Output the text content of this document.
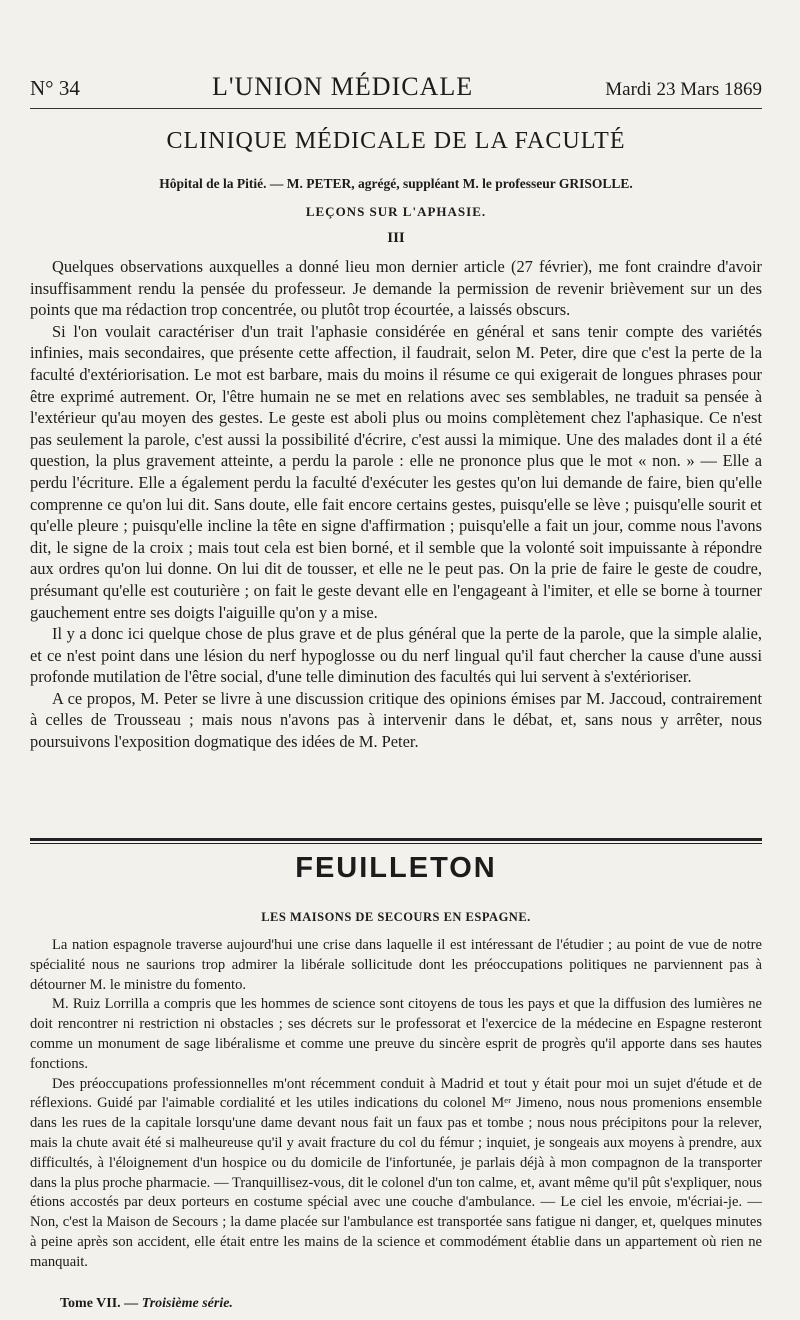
N° 34	L'UNION MÉDICALE	Mardi 23 Mars 1869
CLINIQUE MÉDICALE DE LA FACULTÉ
Hôpital de la Pitié. — M. PETER, agrégé, suppléant M. le professeur GRISOLLE.
LEÇONS SUR L'APHASIE.
III

Quelques observations auxquelles a donné lieu mon dernier article (27 février), me font craindre d'avoir insuffisamment rendu la pensée du professeur. Je demande la permission de revenir brièvement sur un des points que ma rédaction trop concentrée, ou plutôt trop écourtée, a laissés obscurs.

Si l'on voulait caractériser d'un trait l'aphasie considérée en général et sans tenir compte des variétés infinies, mais secondaires, que présente cette affection, il faudrait, selon M. Peter, dire que c'est la perte de la faculté d'extériorisation. Le mot est barbare, mais du moins il résume ce qui exigerait de longues phrases pour être exprimé autrement. Or, l'être humain ne se met en relations avec ses semblables, ne traduit sa pensée à l'extérieur qu'au moyen des gestes. Le geste est aboli plus ou moins complètement chez l'aphasique. Ce n'est pas seulement la parole, c'est aussi la possibilité d'écrire, c'est aussi la mimique. Une des malades dont il a été question, la plus gravement atteinte, a perdu la parole : elle ne prononce plus que le mot « non. » — Elle a perdu l'écriture. Elle a également perdu la faculté d'exécuter les gestes qu'on lui demande de faire, bien qu'elle comprenne ce qu'on lui dit. Sans doute, elle fait encore certains gestes, puisqu'elle se lève ; puisqu'elle sourit et qu'elle pleure ; puisqu'elle incline la tête en signe d'affirmation ; puisqu'elle a fait un jour, comme nous l'avons dit, le signe de la croix ; mais tout cela est bien borné, et il semble que la volonté soit impuissante à répondre aux ordres qu'on lui donne. On lui dit de tousser, et elle ne le peut pas. On la prie de faire le geste de coudre, présumant qu'elle est couturière ; on fait le geste devant elle en l'engageant à l'imiter, et elle se borne à tourner gauchement entre ses doigts l'aiguille qu'on y a mise.

Il y a donc ici quelque chose de plus grave et de plus général que la perte de la parole, que la simple alalie, et ce n'est point dans une lésion du nerf hypoglosse ou du nerf lingual qu'il faut chercher la cause d'une aussi profonde mutilation de l'être social, d'une telle diminution des facultés qui lui servent à s'extérioriser.

A ce propos, M. Peter se livre à une discussion critique des opinions émises par M. Jaccoud, contrairement à celles de Trousseau ; mais nous n'avons pas à intervenir dans le débat, et, sans nous y arrêter, nous poursuivons l'exposition dogmatique des idées de M. Peter.

FEUILLETON
LES MAISONS DE SECOURS EN ESPAGNE.

La nation espagnole traverse aujourd'hui une crise dans laquelle il est intéressant de l'étudier ; au point de vue de notre spécialité nous ne saurions trop admirer la libérale sollicitude dont les préoccupations politiques ne parviennent pas à détourner M. le ministre du fomento.

M. Ruiz Lorrilla a compris que les hommes de science sont citoyens de tous les pays et que la diffusion des lumières ne doit rencontrer ni restriction ni obstacles ; ses décrets sur le professorat et l'exercice de la médecine en Espagne resteront comme un monument de sage libéralisme et comme une preuve du sincère esprit de progrès qu'il apporte dans ses hautes fonctions.

Des préoccupations professionnelles m'ont récemment conduit à Madrid et tout y était pour moi un sujet d'étude et de réflexions. Guidé par l'aimable cordialité et les utiles indications du colonel Mᵉʳ Jimeno, nous nous promenions ensemble dans les rues de la capitale lorsqu'une dame devant nous fait un faux pas et tombe ; nous nous précipitons pour la relever, mais la chute avait été si malheureuse qu'il y avait fracture du col du fémur ; inquiet, je songeais aux moyens à prendre, aux difficultés, à l'éloignement d'un hospice ou du domicile de l'infortunée, je parlais déjà à mon compagnon de la transporter dans la plus proche pharmacie. — Tranquillisez-vous, dit le colonel d'un ton calme, et, avant même qu'il pût s'expliquer, nous étions accostés par deux porteurs en costume spécial avec une couche d'ambulance. — Le ciel les envoie, m'écriai-je. — Non, c'est la Maison de Secours ; la dame placée sur l'ambulance est transportée sans fatigue ni danger, et, quelques minutes à peine après son accident, elle était entre les mains de la science et commodément établie dans un appartement où rien ne manquait.

Tome VII. — Troisième série.
